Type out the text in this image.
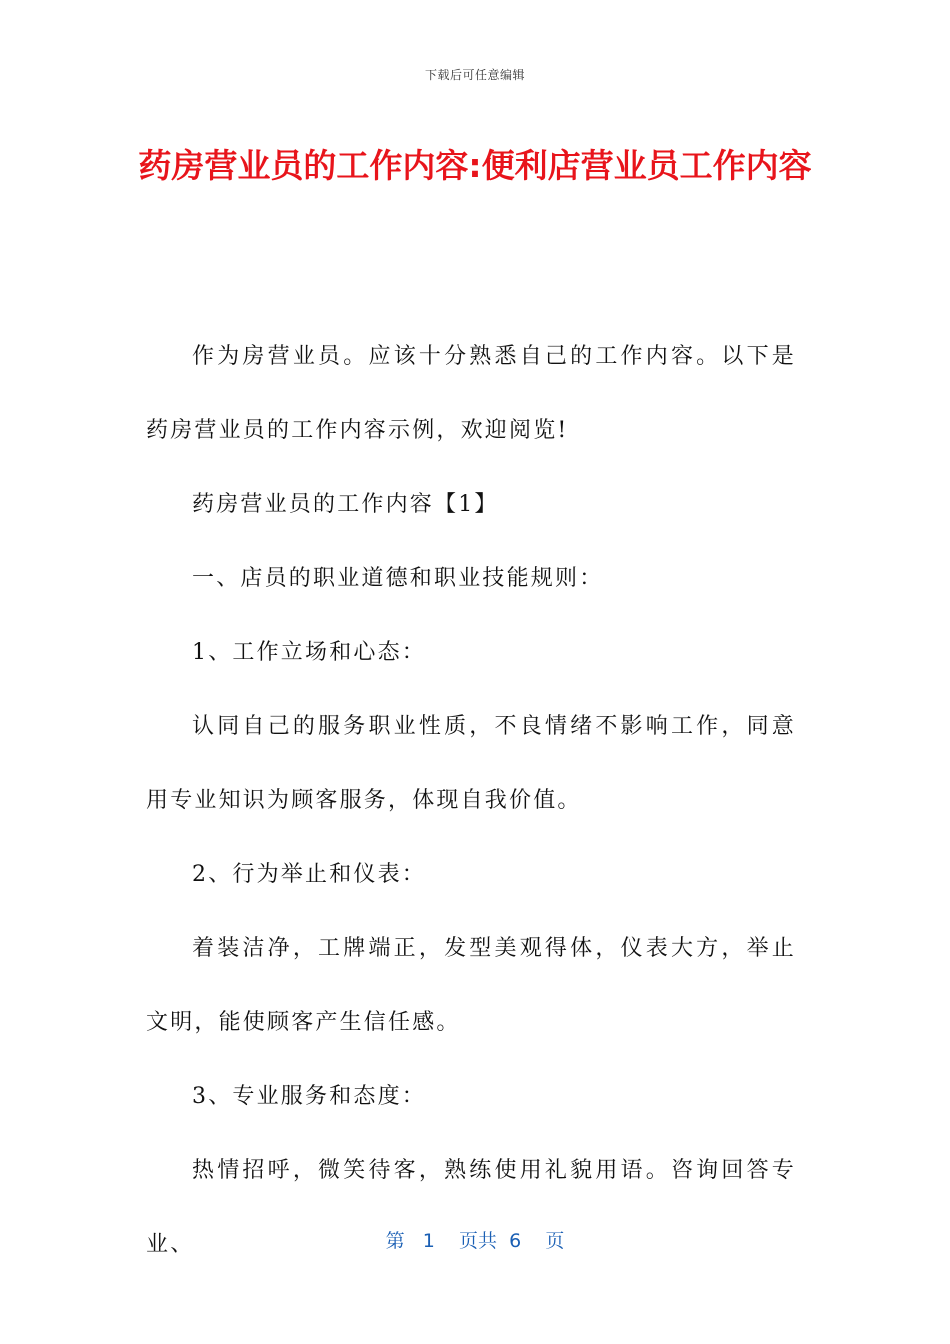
下载后可任意编辑
药房营业员的工作内容:便利店营业员工作内容

作为房营业员。应该十分熟悉自己的工作内容。以下是药房营业员的工作内容示例，欢迎阅览!

药房营业员的工作内容【1】

一、店员的职业道德和职业技能规则：

1、工作立场和心态：

认同自己的服务职业性质，不良情绪不影响工作，同意用专业知识为顾客服务，体现自我价值。

2、行为举止和仪表：

着装洁净，工牌端正，发型美观得体，仪表大方，举止文明，能使顾客产生信任感。

3、专业服务和态度：

热情招呼，微笑待客，熟练使用礼貌用语。咨询回答专业、	第 1 页共 6 页
